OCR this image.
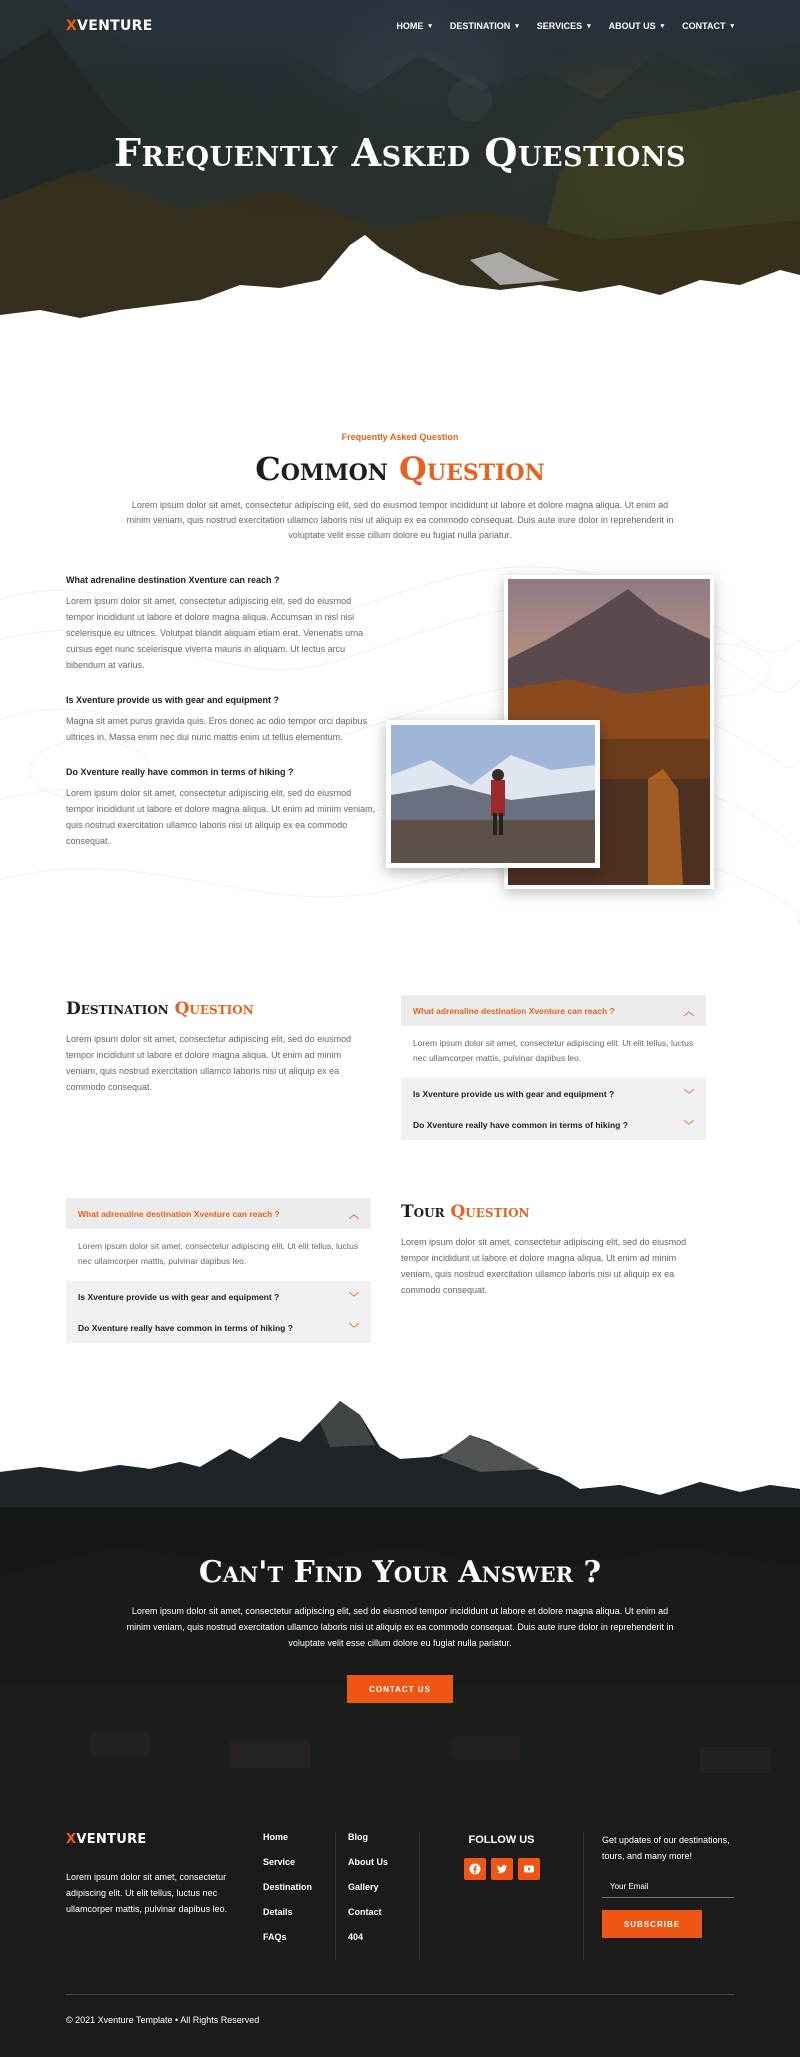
XVENTURE	HOME ▾ DESTINATION ▾ SERVICES ▾ ABOUT US ▾ CONTACT ▾
Frequently Asked Questions
Frequently Asked Question
Common Question

Lorem ipsum dolor sit amet, consectetur adipiscing elit, sed do eiusmod tempor incididunt ut labore et dolore magna aliqua. Ut enim ad minim veniam, quis nostrud exercitation ullamco laboris nisi ut aliquip ex ea commodo consequat. Duis aute irure dolor in reprehenderit in voluptate velit esse cillum dolore eu fugiat nulla pariatur.

What adrenaline destination Xventure can reach ?

Lorem ipsum dolor sit amet, consectetur adipiscing elit, sed do eiusmod tempor incididunt ut labore et dolore magna aliqua. Accumsan in nisl nisi scelerisque eu ultrices. Volutpat blandit aliquam etiam erat. Venenatis urna cursus eget nunc scelerisque viverra mauris in aliquam. Ut lectus arcu bibendum at varius.

Is Xventure provide us with gear and equipment ?

Magna sit amet purus gravida quis. Eros donec ac odio tempor orci dapibus ultrices in. Massa enim nec dui nunc mattis enim ut tellus elementum.

Do Xventure really have common in terms of hiking ?

Lorem ipsum dolor sit amet, consectetur adipiscing elit, sed do eiusmod tempor incididunt ut labore et dolore magna aliqua. Ut enim ad minim veniam, quis nostrud exercitation ullamco laboris nisi ut aliquip ex ea commodo consequat.

Destination Question

Lorem ipsum dolor sit amet, consectetur adipiscing elit, sed do eiusmod tempor incididunt ut labore et dolore magna aliqua. Ut enim ad minim veniam, quis nostrud exercitation ullamco laboris nisi ut aliquip ex ea commodo consequat.

What adrenaline destination Xventure can reach ?	︿
Lorem ipsum dolor sit amet, consectetur adipiscing elit. Ut elit tellus, luctus nec ullamcorper mattis, pulvinar dapibus leo.
Is Xventure provide us with gear and equipment ?	﹀
Do Xventure really have common in terms of hiking ?	﹀
What adrenaline destination Xventure can reach ?	︿
Lorem ipsum dolor sit amet, consectetur adipiscing elit. Ut elit tellus, luctus nec ullamcorper mattis, pulvinar dapibus leo.
Is Xventure provide us with gear and equipment ?	﹀
Do Xventure really have common in terms of hiking ?	﹀
Tour Question

Lorem ipsum dolor sit amet, consectetur adipiscing elit, sed do eiusmod tempor incididunt ut labore et dolore magna aliqua. Ut enim ad minim veniam, quis nostrud exercitation ullamco laboris nisi ut aliquip ex ea commodo consequat.

Can't Find Your Answer ?

Lorem ipsum dolor sit amet, consectetur adipiscing elit, sed do eiusmod tempor incididunt ut labore et dolore magna aliqua. Ut enim ad minim veniam, quis nostrud exercitation ullamco laboris nisi ut aliquip ex ea commodo consequat. Duis aute irure dolor in reprehenderit in voluptate velit esse cillum dolore eu fugiat nulla pariatur.

CONTACT US
XVENTURE

Lorem ipsum dolor sit amet, consectetur adipiscing elit. Ut elit tellus, luctus nec ullamcorper mattis, pulvinar dapibus leo.

Home
Service
Destination
Details
FAQs
Blog
About Us
Gallery
Contact
404
FOLLOW US	Get updates of our destinations, tours, and many more!

Your Email
SUBSCRIBE
© 2021 Xventure Template • All Rights Reserved
